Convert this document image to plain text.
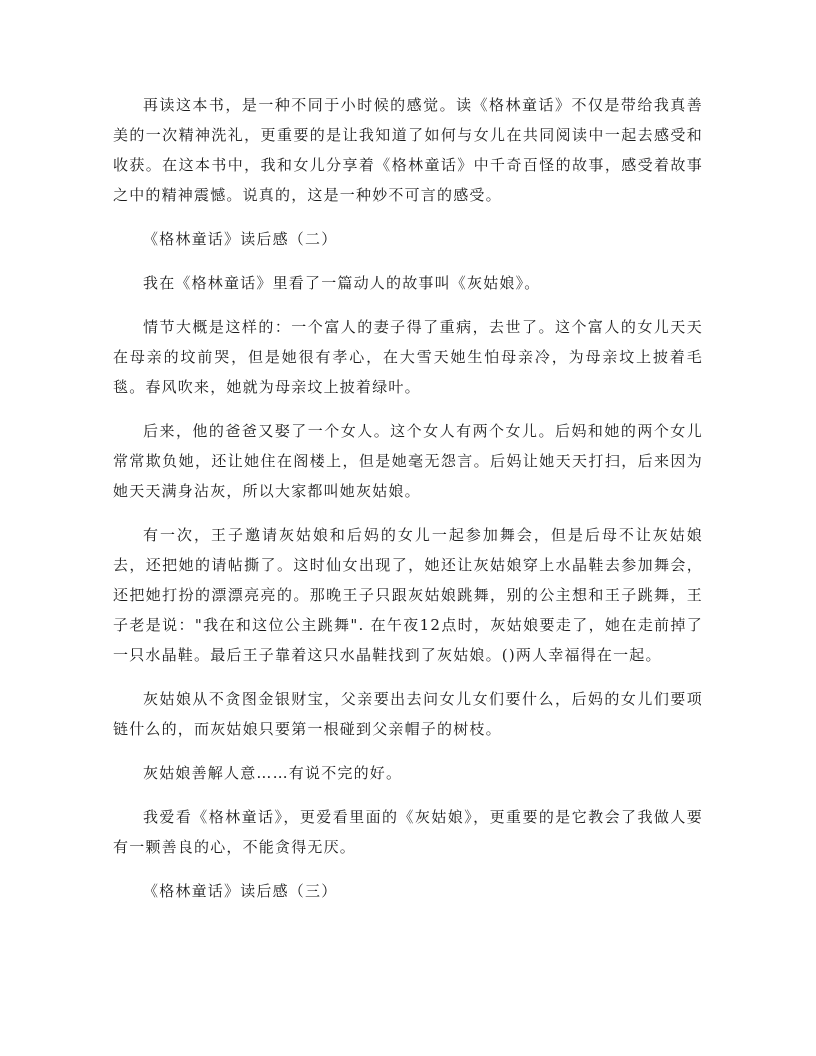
再读这本书，是一种不同于小时候的感觉。读《格林童话》不仅是带给我真善美的一次精神洗礼，更重要的是让我知道了如何与女儿在共同阅读中一起去感受和收获。在这本书中，我和女儿分享着《格林童话》中千奇百怪的故事，感受着故事之中的精神震憾。说真的，这是一种妙不可言的感受。

《格林童话》读后感（二）

我在《格林童话》里看了一篇动人的故事叫《灰姑娘》。

情节大概是这样的：一个富人的妻子得了重病，去世了。这个富人的女儿天天在母亲的坟前哭，但是她很有孝心，在大雪天她生怕母亲冷，为母亲坟上披着毛毯。春风吹来，她就为母亲坟上披着绿叶。

后来，他的爸爸又娶了一个女人。这个女人有两个女儿。后妈和她的两个女儿常常欺负她，还让她住在阁楼上，但是她毫无怨言。后妈让她天天打扫，后来因为她天天满身沾灰，所以大家都叫她灰姑娘。

有一次，王子邀请灰姑娘和后妈的女儿一起参加舞会，但是后母不让灰姑娘去，还把她的请帖撕了。这时仙女出现了，她还让灰姑娘穿上水晶鞋去参加舞会，还把她打扮的漂漂亮亮的。那晚王子只跟灰姑娘跳舞，别的公主想和王子跳舞，王子老是说："我在和这位公主跳舞". 在午夜12点时，灰姑娘要走了，她在走前掉了一只水晶鞋。最后王子靠着这只水晶鞋找到了灰姑娘。()两人幸福得在一起。

灰姑娘从不贪图金银财宝，父亲要出去问女儿女们要什么，后妈的女儿们要项链什么的，而灰姑娘只要第一根碰到父亲帽子的树枝。

灰姑娘善解人意……有说不完的好。

我爱看《格林童话》，更爱看里面的《灰姑娘》，更重要的是它教会了我做人要有一颗善良的心，不能贪得无厌。

《格林童话》读后感（三）
